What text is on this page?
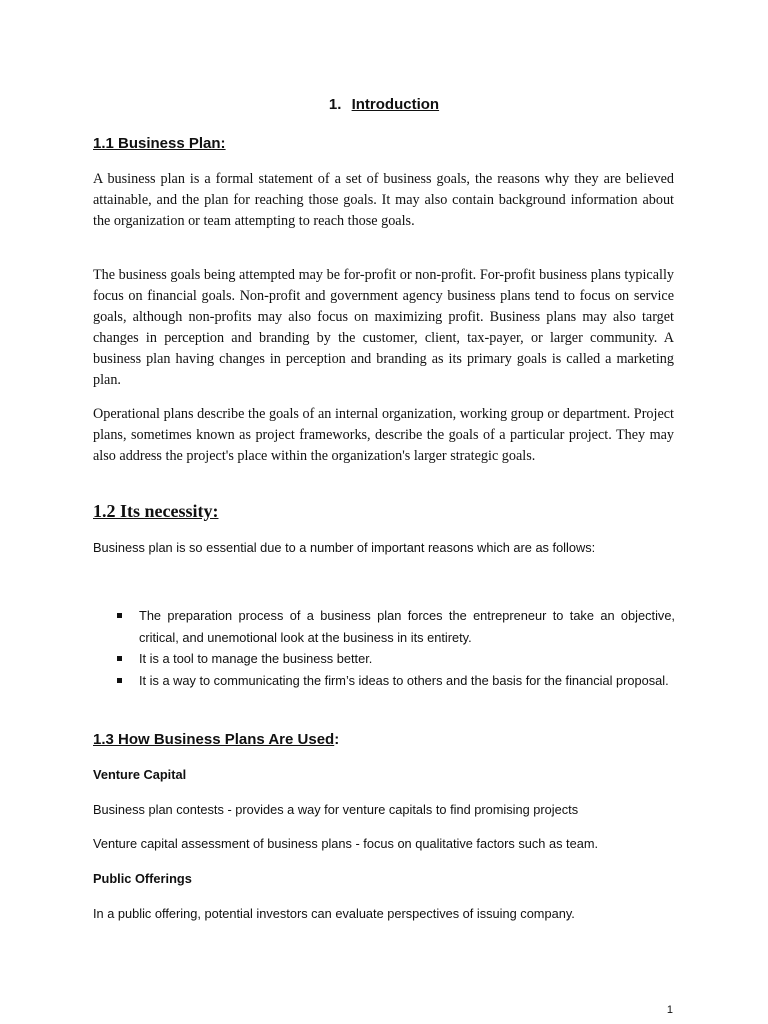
1. Introduction
1.1 Business Plan:

A business plan is a formal statement of a set of business goals, the reasons why they are believed attainable, and the plan for reaching those goals. It may also contain background information about the organization or team attempting to reach those goals.

The business goals being attempted may be for-profit or non-profit. For-profit business plans typically focus on financial goals. Non-profit and government agency business plans tend to focus on service goals, although non-profits may also focus on maximizing profit. Business plans may also target changes in perception and branding by the customer, client, tax-payer, or larger community. A business plan having changes in perception and branding as its primary goals is called a marketing plan.

Operational plans describe the goals of an internal organization, working group or department. Project plans, sometimes known as project frameworks, describe the goals of a particular project. They may also address the project's place within the organization's larger strategic goals.

1.2 Its necessity:

Business plan is so essential due to a number of important reasons which are as follows:

The preparation process of a business plan forces the entrepreneur to take an objective, critical, and unemotional look at the business in its entirety.
It is a tool to manage the business better.
It is a way to communicating the firm’s ideas to others and the basis for the financial proposal.
1.3 How Business Plans Are Used:

Venture Capital

Business plan contests - provides a way for venture capitals to find promising projects

Venture capital assessment of business plans - focus on qualitative factors such as team.

Public Offerings

In a public offering, potential investors can evaluate perspectives of issuing company.

1
